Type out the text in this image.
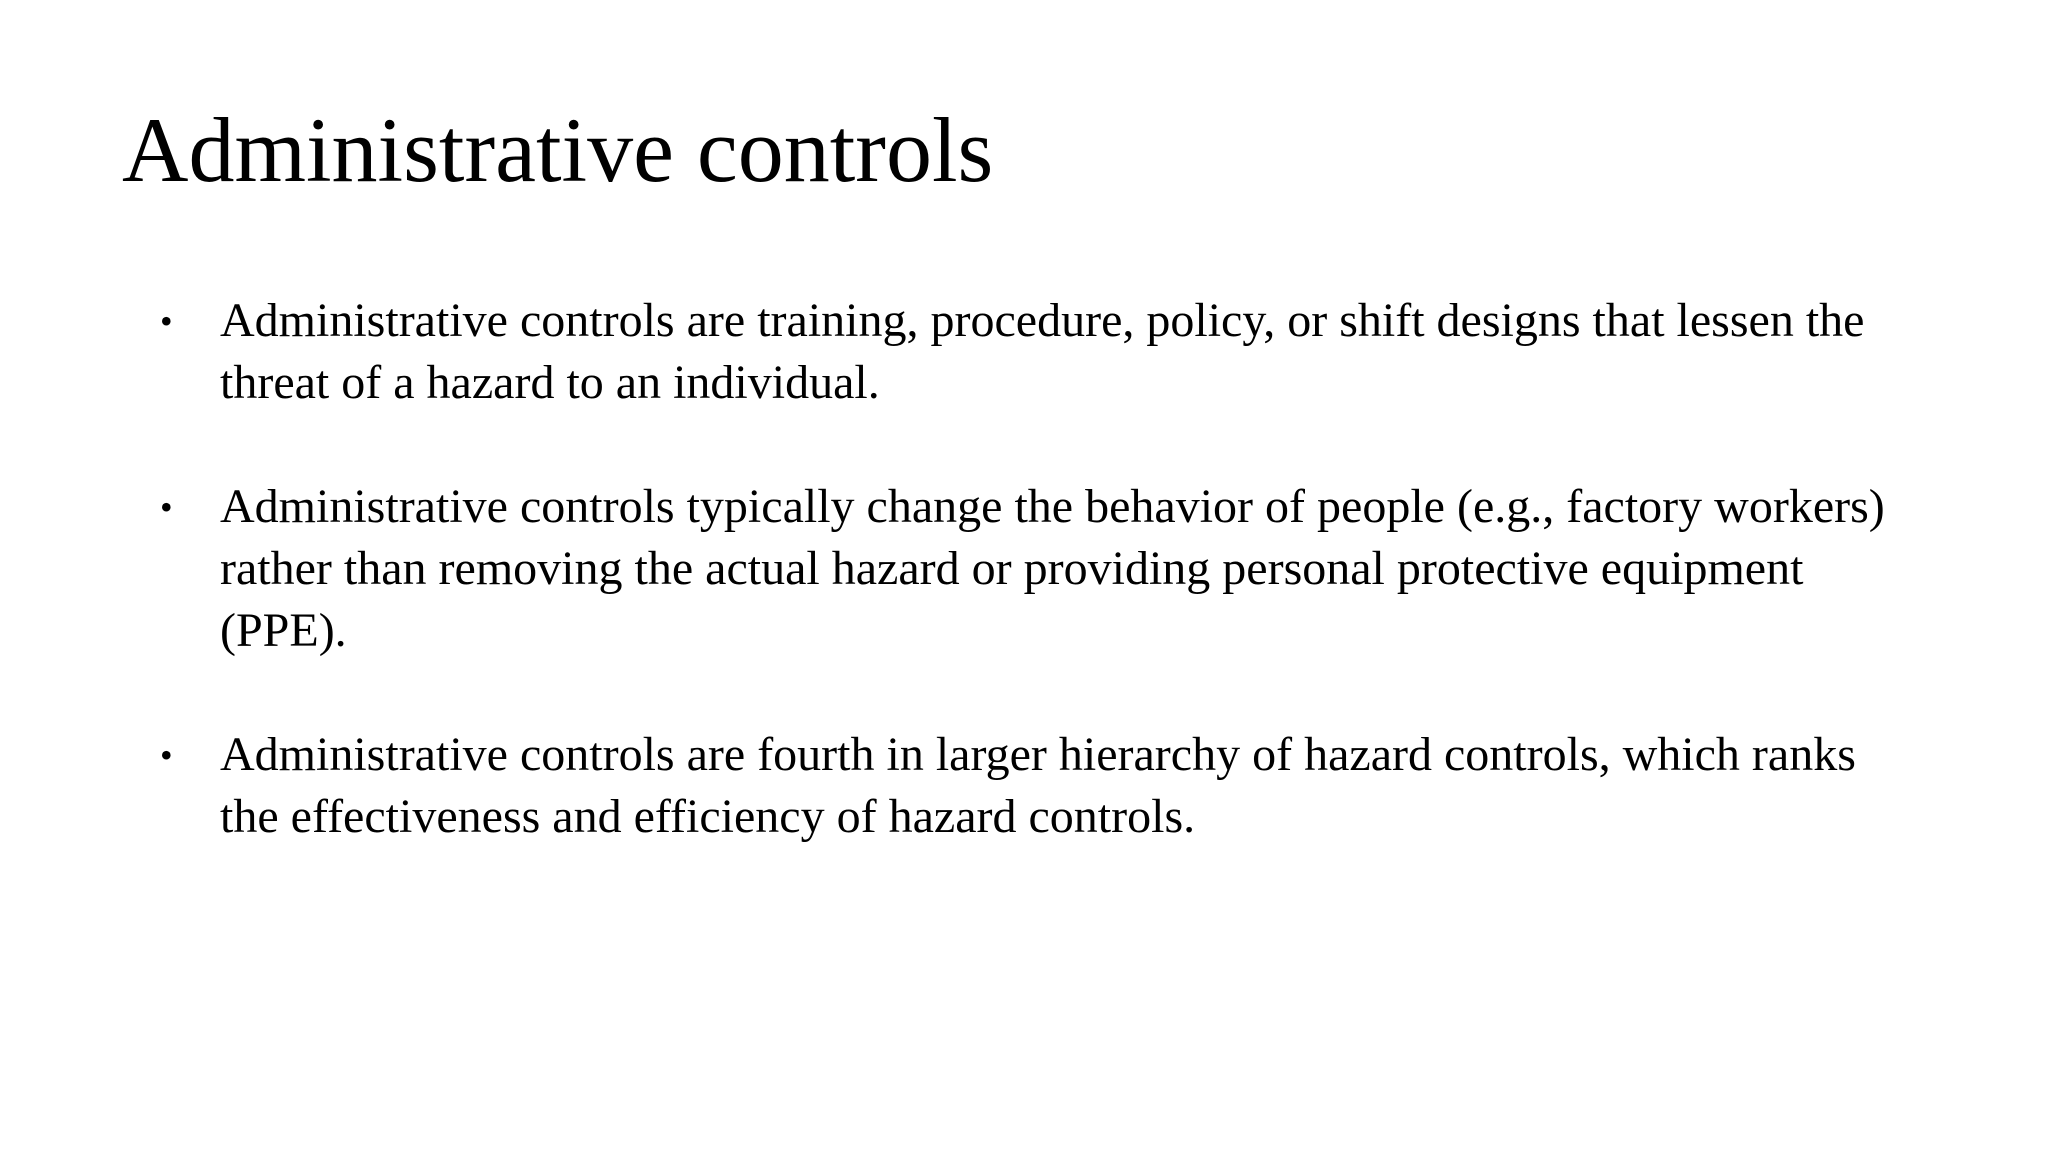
Administrative controls
• Administrative controls are training, procedure, policy, or shift designs that lessen the threat of a hazard to an individual.
• Administrative controls typically change the behavior of people (e.g., factory workers) rather than removing the actual hazard or providing personal protective equipment (PPE).
• Administrative controls are fourth in larger hierarchy of hazard controls, which ranks the effectiveness and efficiency of hazard controls.
